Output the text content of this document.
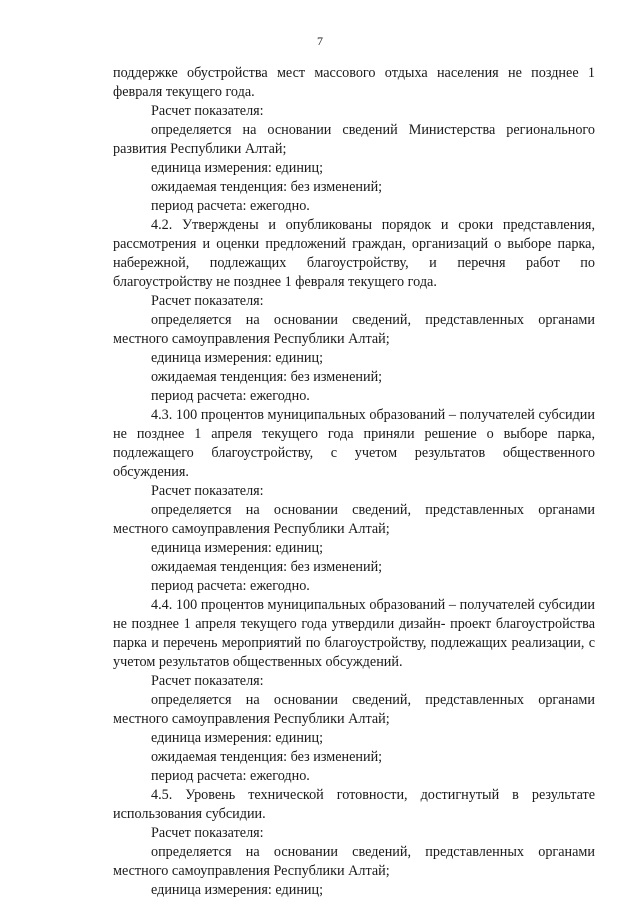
7

поддержке обустройства мест массового отдыха населения не позднее 1 февраля текущего года.

Расчет показателя:

определяется на основании сведений Министерства регионального развития Республики Алтай;

единица измерения: единиц;

ожидаемая тенденция: без изменений;

период расчета: ежегодно.

4.2. Утверждены и опубликованы порядок и сроки представления, рассмотрения и оценки предложений граждан, организаций о выборе парка, набережной, подлежащих благоустройству, и перечня работ по благоустройству не позднее 1 февраля текущего года.

Расчет показателя:

определяется на основании сведений, представленных органами местного самоуправления Республики Алтай;

единица измерения: единиц;

ожидаемая тенденция: без изменений;

период расчета: ежегодно.

4.3. 100 процентов муниципальных образований – получателей субсидии не позднее 1 апреля текущего года приняли решение о выборе парка, подлежащего благоустройству, с учетом результатов общественного обсуждения.

Расчет показателя:

определяется на основании сведений, представленных органами местного самоуправления Республики Алтай;

единица измерения: единиц;

ожидаемая тенденция: без изменений;

период расчета: ежегодно.

4.4. 100 процентов муниципальных образований – получателей субсидии не позднее 1 апреля текущего года утвердили дизайн- проект благоустройства парка и перечень мероприятий по благоустройству, подлежащих реализации, с учетом результатов общественных обсуждений.

Расчет показателя:

определяется на основании сведений, представленных органами местного самоуправления Республики Алтай;

единица измерения: единиц;

ожидаемая тенденция: без изменений;

период расчета: ежегодно.

4.5. Уровень технической готовности, достигнутый в результате использования субсидии.

Расчет показателя:

определяется на основании сведений, представленных органами местного самоуправления Республики Алтай;

единица измерения: единиц;
